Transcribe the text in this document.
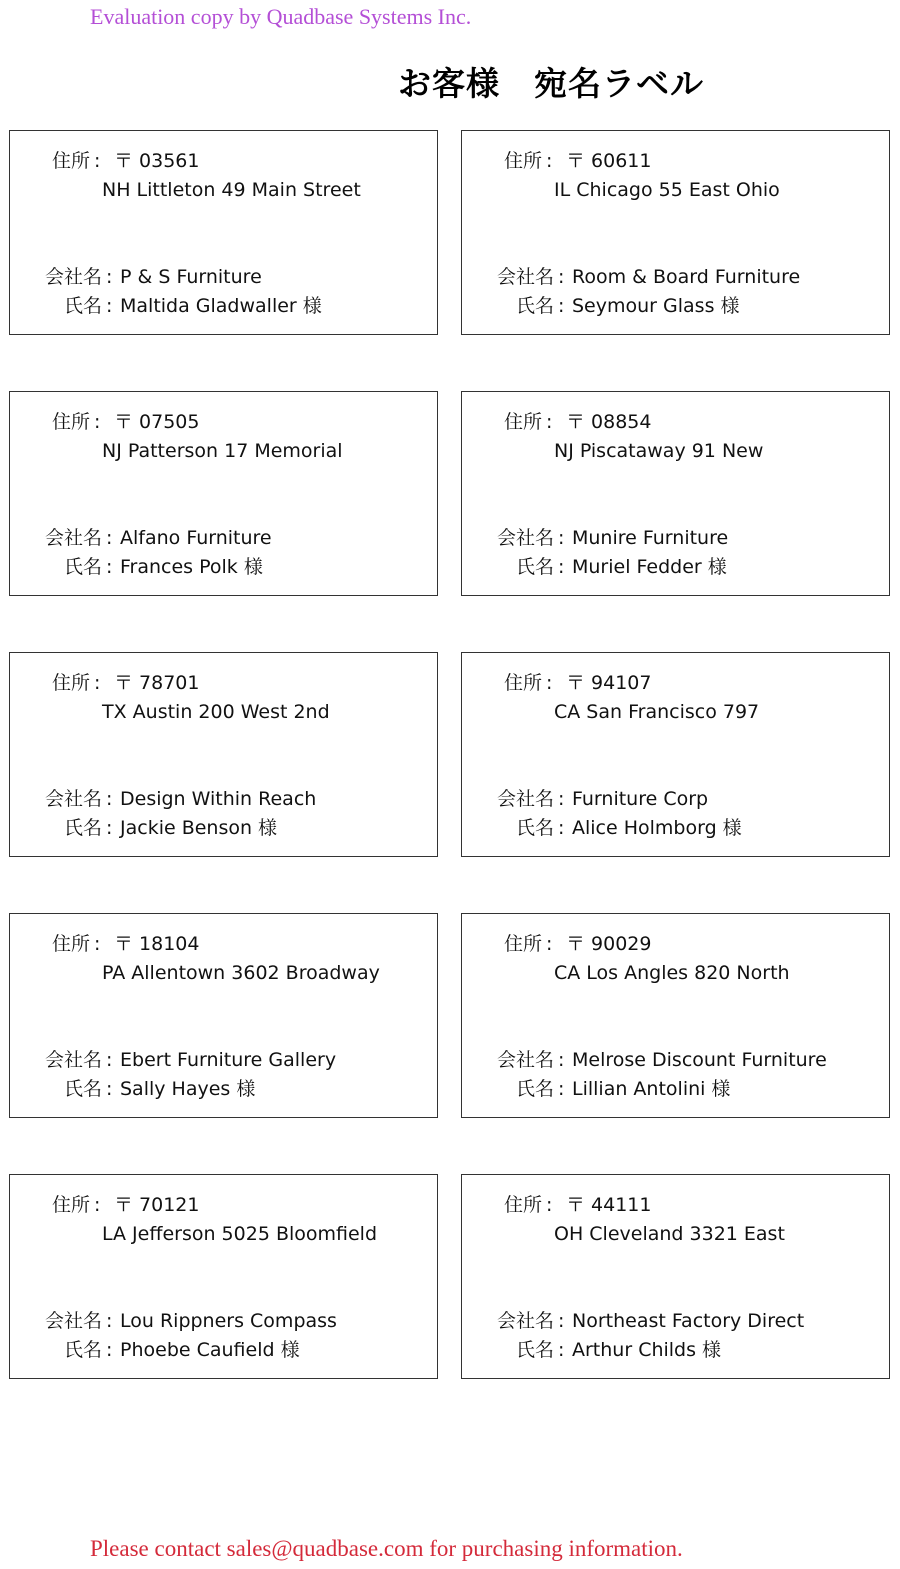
Evaluation copy by Quadbase Systems Inc.
お客様　宛名ラベル
住所 : 〒 03561
NH Littleton 49 Main Street
会社名 : P & S Furniture
氏名 : Maltida Gladwaller 様
住所 : 〒 60611
IL Chicago 55 East Ohio
会社名 : Room & Board Furniture
氏名 : Seymour Glass 様
住所 : 〒 07505
NJ Patterson 17 Memorial
会社名 : Alfano Furniture
氏名 : Frances Polk 様
住所 : 〒 08854
NJ Piscataway 91 New
会社名 : Munire Furniture
氏名 : Muriel Fedder 様
住所 : 〒 78701
TX Austin 200 West 2nd
会社名 : Design Within Reach
氏名 : Jackie Benson 様
住所 : 〒 94107
CA San Francisco 797
会社名 : Furniture Corp
氏名 : Alice Holmborg 様
住所 : 〒 18104
PA Allentown 3602 Broadway
会社名 : Ebert Furniture Gallery
氏名 : Sally Hayes 様
住所 : 〒 90029
CA Los Angles 820 North
会社名 : Melrose Discount Furniture
氏名 : Lillian Antolini 様
住所 : 〒 70121
LA Jefferson 5025 Bloomfield
会社名 : Lou Rippners Compass
氏名 : Phoebe Caufield 様
住所 : 〒 44111
OH Cleveland 3321 East
会社名 : Northeast Factory Direct
氏名 : Arthur Childs 様
Please contact sales@quadbase.com for purchasing information.
